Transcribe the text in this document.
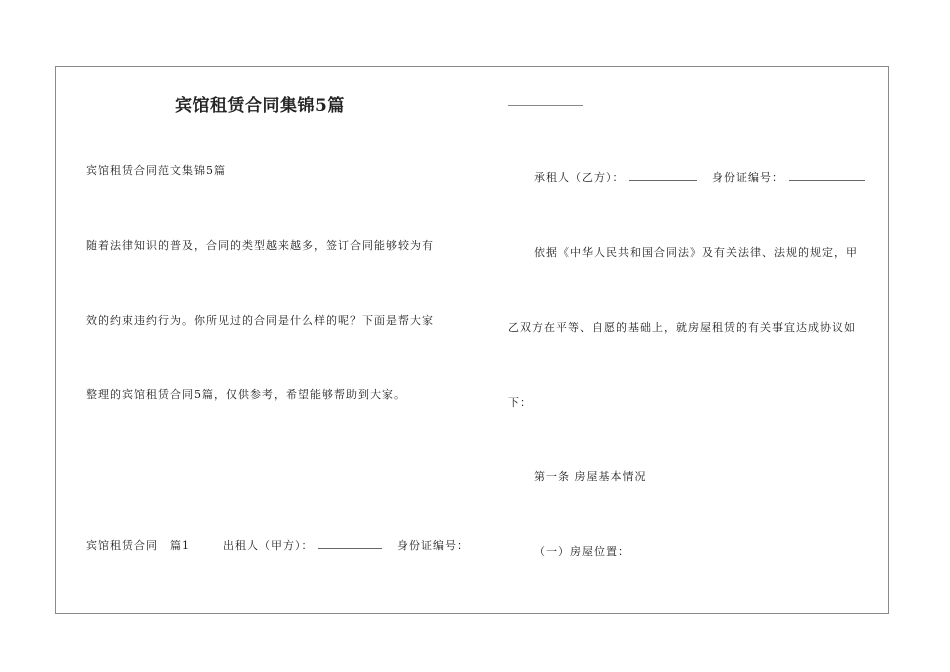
宾馆租赁合同集锦5篇
宾馆租赁合同范文集锦5篇
随着法律知识的普及，合同的类型越来越多，签订合同能够较为有
效的约束违约行为。你所见过的合同是什么样的呢？下面是帮大家
整理的宾馆租赁合同5篇，仅供参考，希望能够帮助到大家。
宾馆租赁合同　篇1	出租人（甲方）：	身份证编号：
承租人（乙方）：	身份证编号：
依据《中华人民共和国合同法》及有关法律、法规的规定，甲
乙双方在平等、自愿的基础上，就房屋租赁的有关事宜达成协议如
下：
第一条 房屋基本情况
（一）房屋位置：
